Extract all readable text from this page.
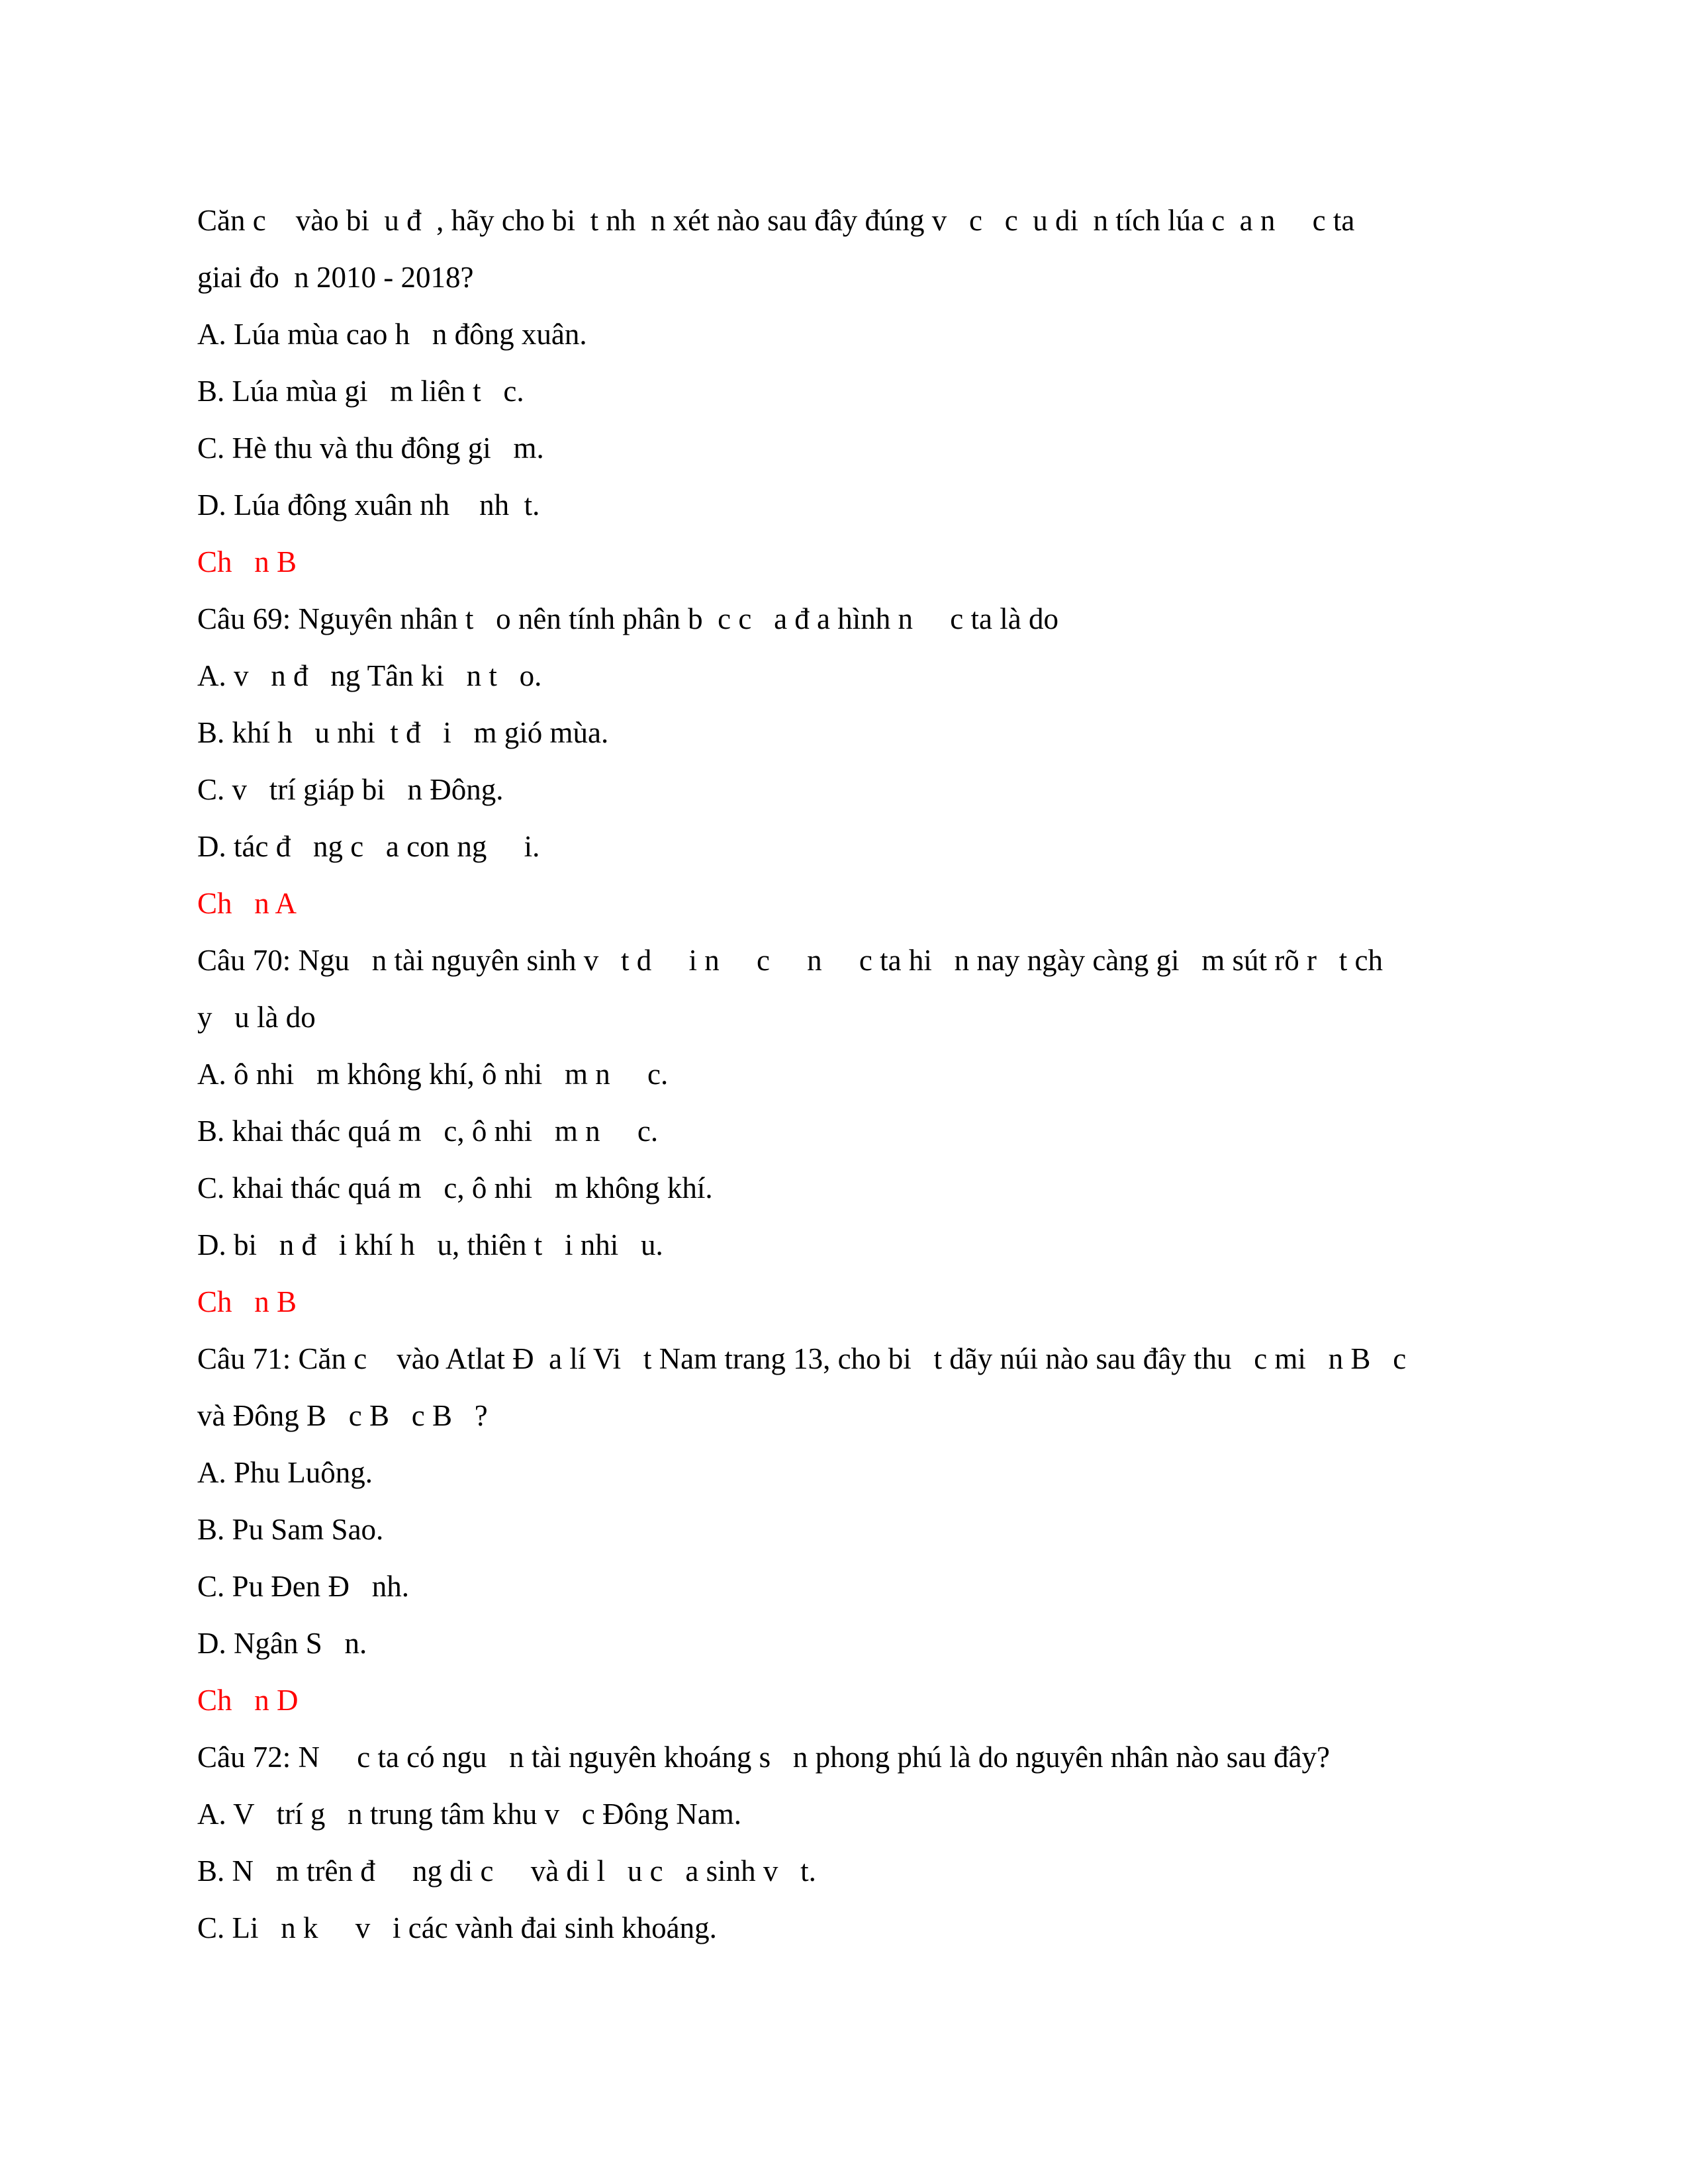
Căn c    vào bi  u đ  , hãy cho bi  t nh  n xét nào sau đây đúng v   c   c  u di  n tích lúa c  a n     c ta
giai đo  n 2010 - 2018?
A. Lúa mùa cao h   n đông xuân.
B. Lúa mùa gi   m liên t   c.
C. Hè thu và thu đông gi   m.
D. Lúa đông xuân nh    nh  t.
Ch   n B
Câu 69: Nguyên nhân t   o nên tính phân b  c c   a đ a hình n     c ta là do
A. v   n đ   ng Tân ki   n t   o.
B. khí h   u nhi  t đ   i   m gió mùa.
C. v   trí giáp bi   n Đông.
D. tác đ   ng c   a con ng     i.
Ch   n A
Câu 70: Ngu   n tài nguyên sinh v   t d     i n     c     n     c ta hi   n nay ngày càng gi   m sút rõ r   t ch
y   u là do
A. ô nhi   m không khí, ô nhi   m n     c.
B. khai thác quá m   c, ô nhi   m n     c.
C. khai thác quá m   c, ô nhi   m không khí.
D. bi   n đ   i khí h   u, thiên t   i nhi   u.
Ch   n B
Câu 71: Căn c    vào Atlat Đ  a lí Vi   t Nam trang 13, cho bi   t dãy núi nào sau đây thu   c mi   n B   c
và Đông B   c B   c B   ?
A. Phu Luông.
B. Pu Sam Sao.
C. Pu Đen Đ   nh.
D. Ngân S   n.
Ch   n D
Câu 72: N     c ta có ngu   n tài nguyên khoáng s   n phong phú là do nguyên nhân nào sau đây?
A. V   trí g   n trung tâm khu v   c Đông Nam.
B. N   m trên đ     ng di c     và di l   u c   a sinh v   t.
C. Li   n k     v   i các vành đai sinh khoáng.
